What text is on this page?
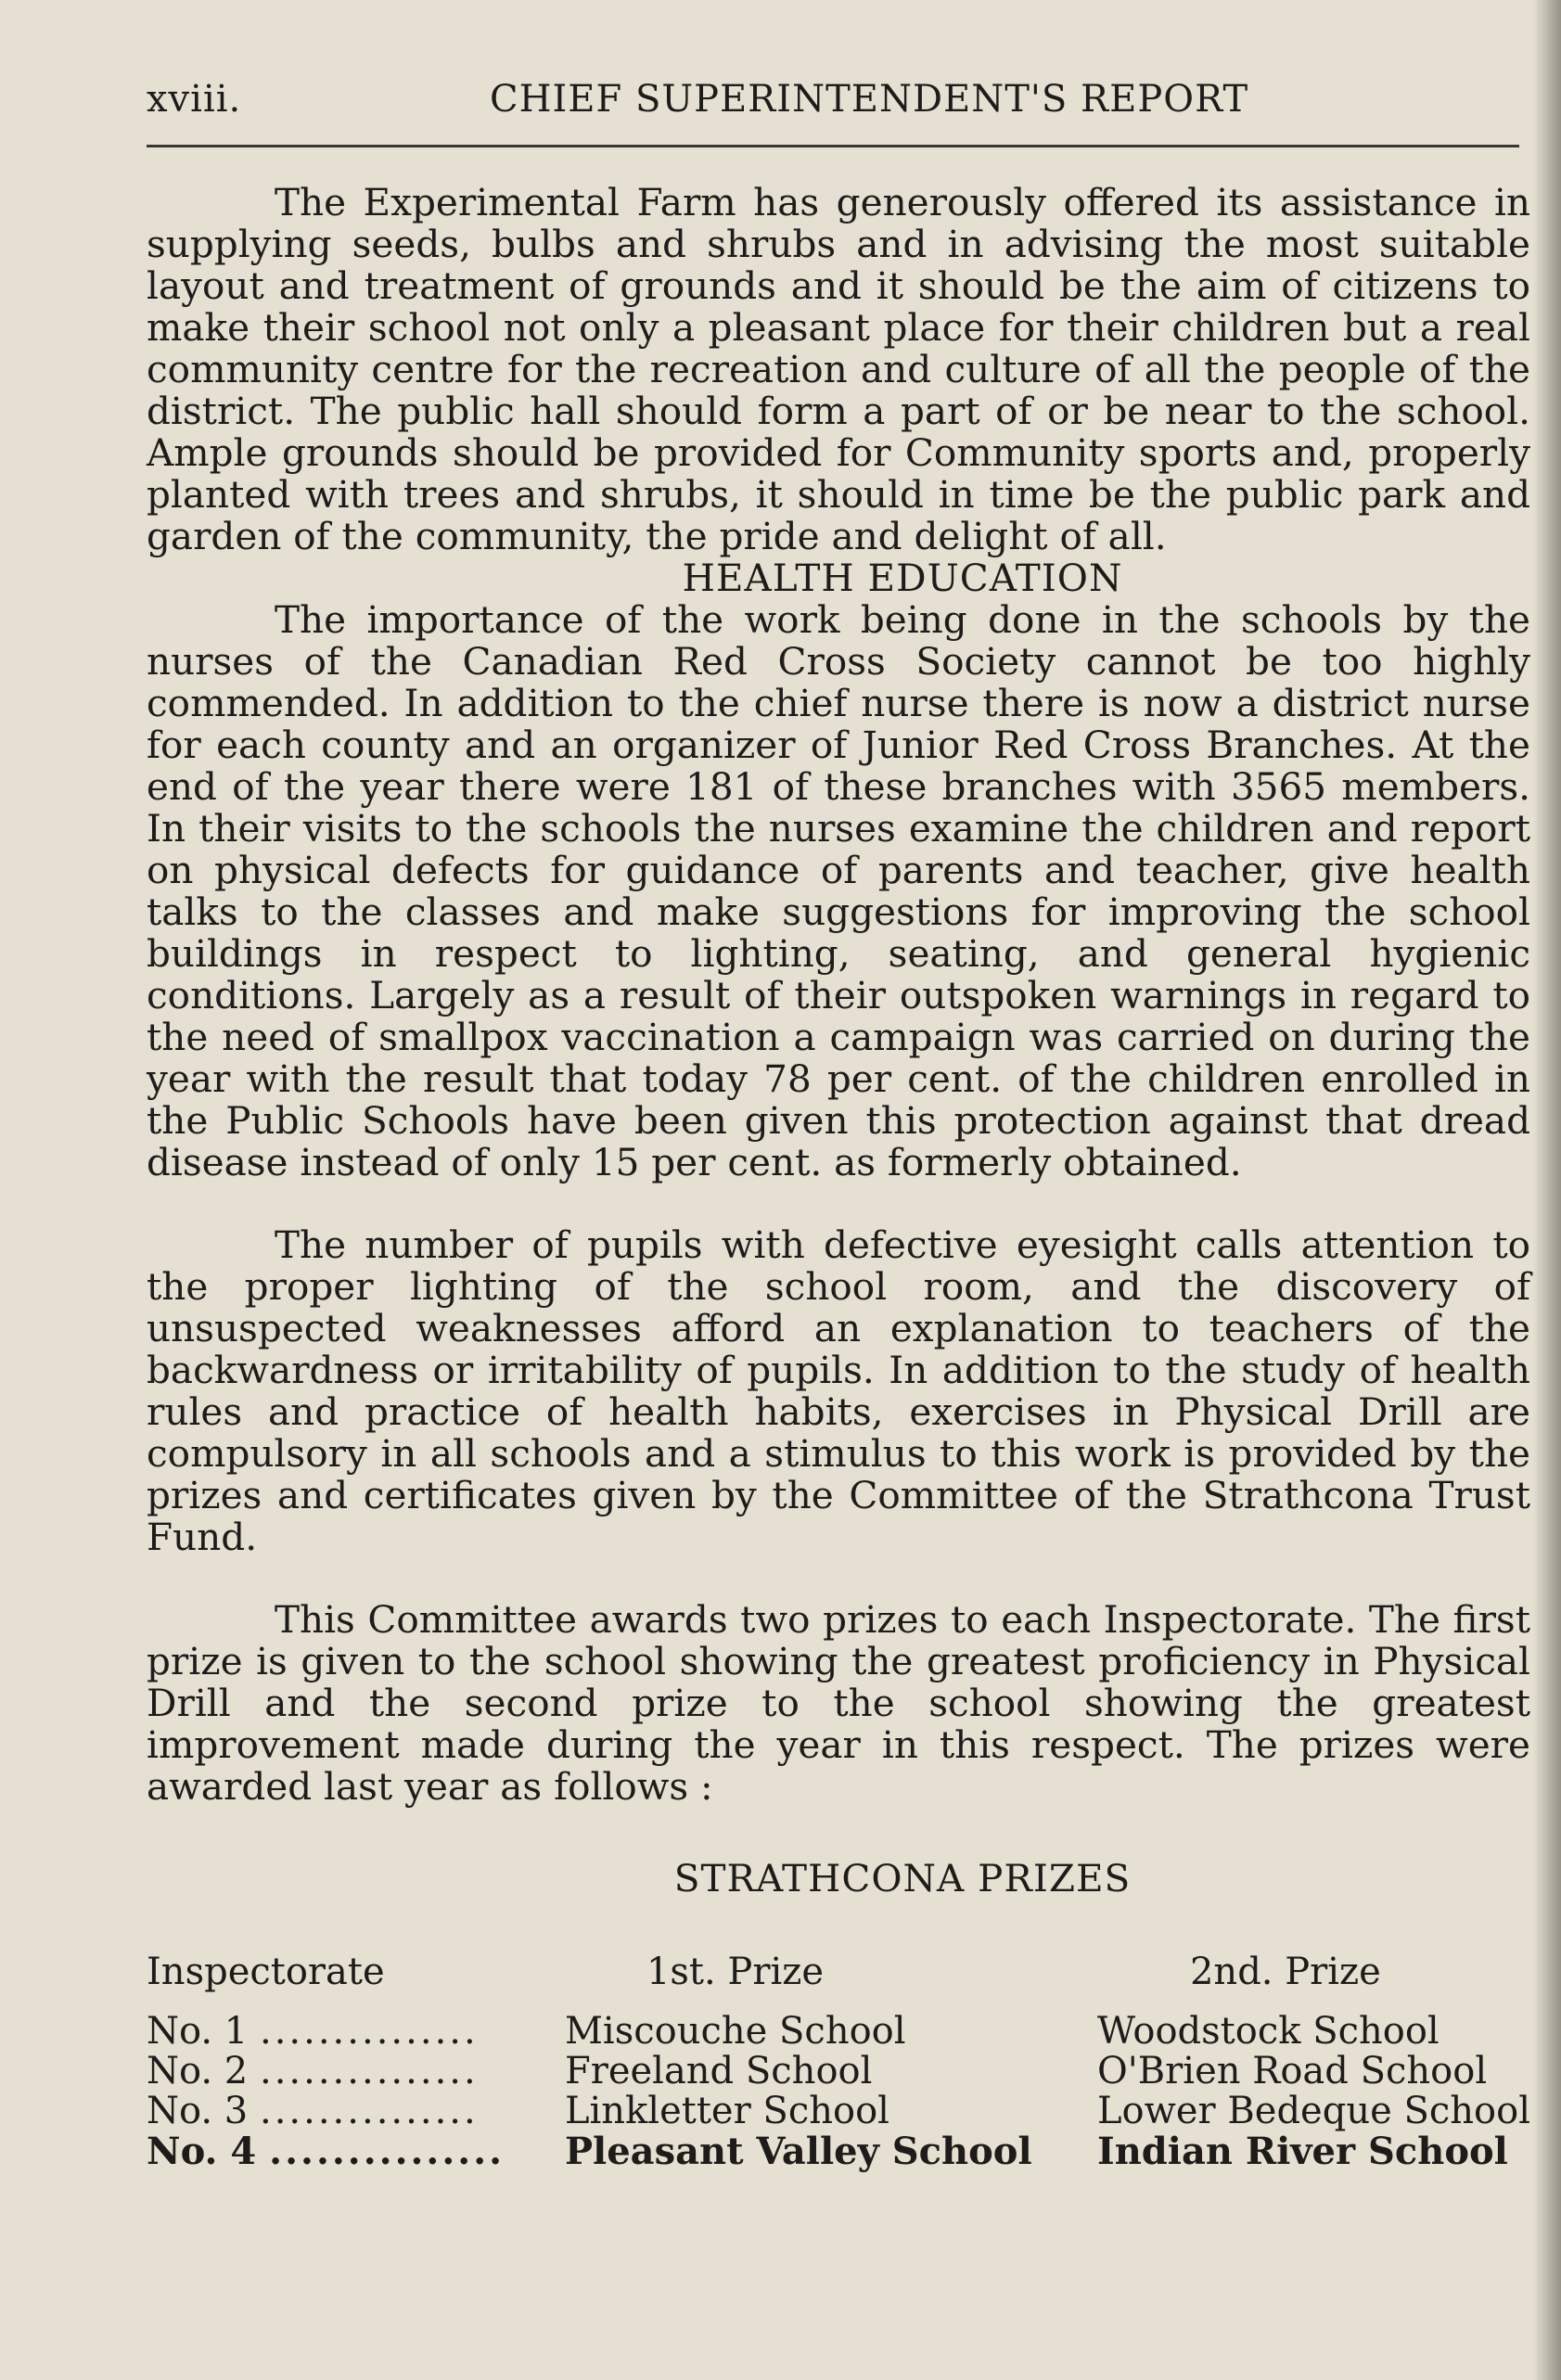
xviii.	CHIEF SUPERINTENDENT'S REPORT

The Experimental Farm has generously offered its assistance in supplying seeds, bulbs and shrubs and in advising the most suitable layout and treatment of grounds and it should be the aim of citizens to make their school not only a pleasant place for their children but a real community centre for the recreation and culture of all the people of the district. The public hall should form a part of or be near to the school. Ample grounds should be provided for Community sports and, properly planted with trees and shrubs, it should in time be the public park and garden of the community, the pride and delight of all.

HEALTH EDUCATION

The importance of the work being done in the schools by the nurses of the Canadian Red Cross Society cannot be too highly commended. In addition to the chief nurse there is now a district nurse for each county and an organizer of Junior Red Cross Branches. At the end of the year there were 181 of these branches with 3565 members. In their visits to the schools the nurses examine the children and report on physical defects for guidance of parents and teacher, give health talks to the classes and make suggestions for improving the school buildings in respect to lighting, seating, and general hygienic conditions. Largely as a result of their outspoken warnings in regard to the need of smallpox vaccination a campaign was carried on during the year with the result that today 78 per cent. of the children enrolled in the Public Schools have been given this protection against that dread disease instead of only 15 per cent. as formerly obtained.

The number of pupils with defective eyesight calls attention to the proper lighting of the school room, and the discovery of unsuspected weaknesses afford an explanation to teachers of the backwardness or irritability of pupils. In addition to the study of health rules and practice of health habits, exercises in Physical Drill are compulsory in all schools and a stimulus to this work is provided by the prizes and certificates given by the Committee of the Strathcona Trust Fund.

This Committee awards two prizes to each Inspectorate. The first prize is given to the school showing the greatest proficiency in Physical Drill and the second prize to the school showing the greatest improvement made during the year in this respect. The prizes were awarded last year as follows :

STRATHCONA PRIZES

Inspectorate	1st. Prize	2nd. Prize
No. 1 ...............	Miscouche School	Woodstock School
No. 2 ...............	Freeland School	O'Brien Road School
No. 3 ...............	Linkletter School	Lower Bedeque School
No. 4 ...............	Pleasant Valley School	Indian River School
